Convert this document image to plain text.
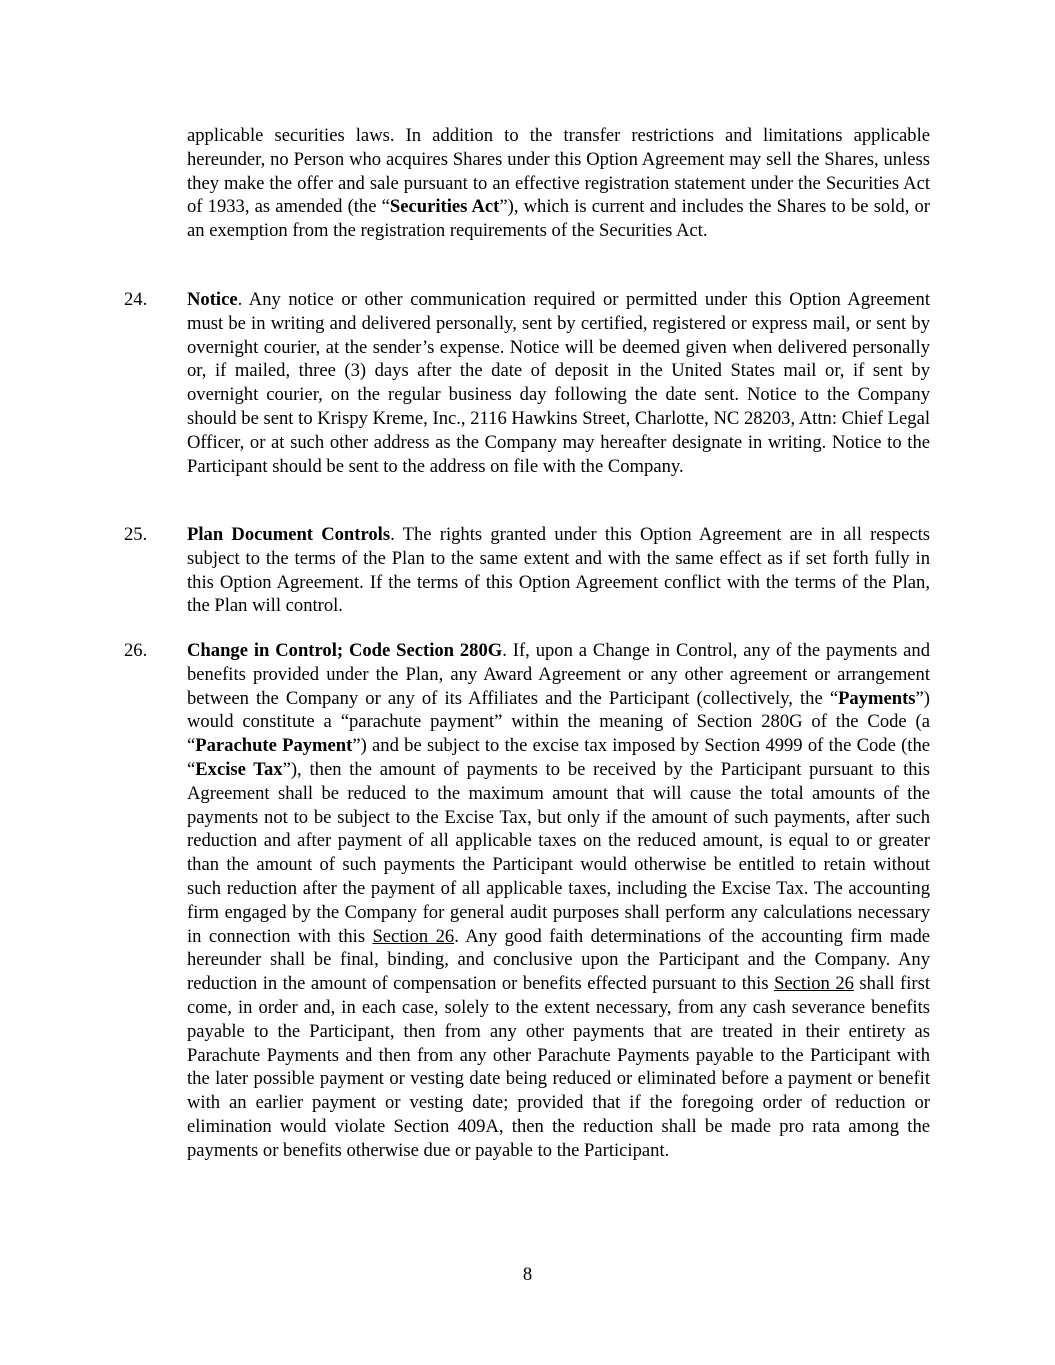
applicable securities laws. In addition to the transfer restrictions and limitations applicable hereunder, no Person who acquires Shares under this Option Agreement may sell the Shares, unless they make the offer and sale pursuant to an effective registration statement under the Securities Act of 1933, as amended (the “Securities Act”), which is current and includes the Shares to be sold, or an exemption from the registration requirements of the Securities Act.
24. Notice. Any notice or other communication required or permitted under this Option Agreement must be in writing and delivered personally, sent by certified, registered or express mail, or sent by overnight courier, at the sender’s expense. Notice will be deemed given when delivered personally or, if mailed, three (3) days after the date of deposit in the United States mail or, if sent by overnight courier, on the regular business day following the date sent. Notice to the Company should be sent to Krispy Kreme, Inc., 2116 Hawkins Street, Charlotte, NC 28203, Attn: Chief Legal Officer, or at such other address as the Company may hereafter designate in writing. Notice to the Participant should be sent to the address on file with the Company.
25. Plan Document Controls. The rights granted under this Option Agreement are in all respects subject to the terms of the Plan to the same extent and with the same effect as if set forth fully in this Option Agreement. If the terms of this Option Agreement conflict with the terms of the Plan, the Plan will control.
26. Change in Control; Code Section 280G. If, upon a Change in Control, any of the payments and benefits provided under the Plan, any Award Agreement or any other agreement or arrangement between the Company or any of its Affiliates and the Participant (collectively, the “Payments”) would constitute a “parachute payment” within the meaning of Section 280G of the Code (a “Parachute Payment”) and be subject to the excise tax imposed by Section 4999 of the Code (the “Excise Tax”), then the amount of payments to be received by the Participant pursuant to this Agreement shall be reduced to the maximum amount that will cause the total amounts of the payments not to be subject to the Excise Tax, but only if the amount of such payments, after such reduction and after payment of all applicable taxes on the reduced amount, is equal to or greater than the amount of such payments the Participant would otherwise be entitled to retain without such reduction after the payment of all applicable taxes, including the Excise Tax. The accounting firm engaged by the Company for general audit purposes shall perform any calculations necessary in connection with this Section 26. Any good faith determinations of the accounting firm made hereunder shall be final, binding, and conclusive upon the Participant and the Company. Any reduction in the amount of compensation or benefits effected pursuant to this Section 26 shall first come, in order and, in each case, solely to the extent necessary, from any cash severance benefits payable to the Participant, then from any other payments that are treated in their entirety as Parachute Payments and then from any other Parachute Payments payable to the Participant with the later possible payment or vesting date being reduced or eliminated before a payment or benefit with an earlier payment or vesting date; provided that if the foregoing order of reduction or elimination would violate Section 409A, then the reduction shall be made pro rata among the payments or benefits otherwise due or payable to the Participant.
8
